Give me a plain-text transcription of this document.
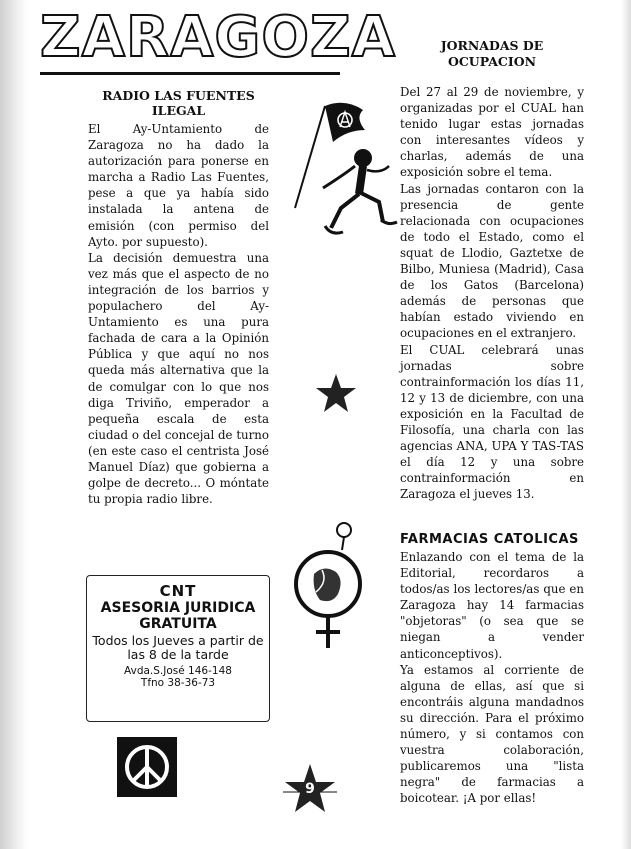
ZARAGOZA
RADIO LAS FUENTES ILEGAL

El Ay-Untamiento de Zaragoza no ha dado la autorización para ponerse en marcha a Radio Las Fuentes, pese a que ya había sido instalada la antena de emisión (con permiso del Ayto. por supuesto).

La decisión demuestra una vez más que el aspecto de no integración de los barrios y populachero del Ay-Untamiento es una pura fachada de cara a la Opinión Pública y que aquí no nos queda más alternativa que la de comulgar con lo que nos diga Triviño, emperador a pequeña escala de esta ciudad o del concejal de turno (en este caso el centrista José Manuel Díaz) que gobierna a golpe de decreto... O móntate tu propia radio libre.

JORNADAS DE OCUPACION

Del 27 al 29 de noviembre, y organizadas por el CUAL han tenido lugar estas jornadas con interesantes vídeos y charlas, además de una exposición sobre el tema.

Las jornadas contaron con la presencia de gente relacionada con ocupaciones de todo el Estado, como el squat de Llodio, Gaztetxe de Bilbo, Muniesa (Madrid), Casa de los Gatos (Barcelona) además de personas que habían estado viviendo en ocupaciones en el extranjero.

El CUAL celebrará unas jornadas sobre contrainformación los días 11, 12 y 13 de diciembre, con una exposición en la Facultad de Filosofía, una charla con las agencias ANA, UPA Y TAS-TAS el día 12 y una sobre contrainformación en Zaragoza el jueves 13.

FARMACIAS CATOLICAS

Enlazando con el tema de la Editorial, recordaros a todos/as los lectores/as que en Zaragoza hay 14 farmacias "objetoras" (o sea que se niegan a vender anticonceptivos).

Ya estamos al corriente de alguna de ellas, así que si encontráis alguna mandadnos su dirección. Para el próximo número, y si contamos con vuestra colaboración, publicaremos una "lista negra" de farmacias a boicotear. ¡A por ellas!

CNT
ASESORIA JURIDICA
GRATUITA
Todos los Jueves a partir de las 8 de la tarde
Avda.S.José 146-148
Tfno 38-36-73
9
